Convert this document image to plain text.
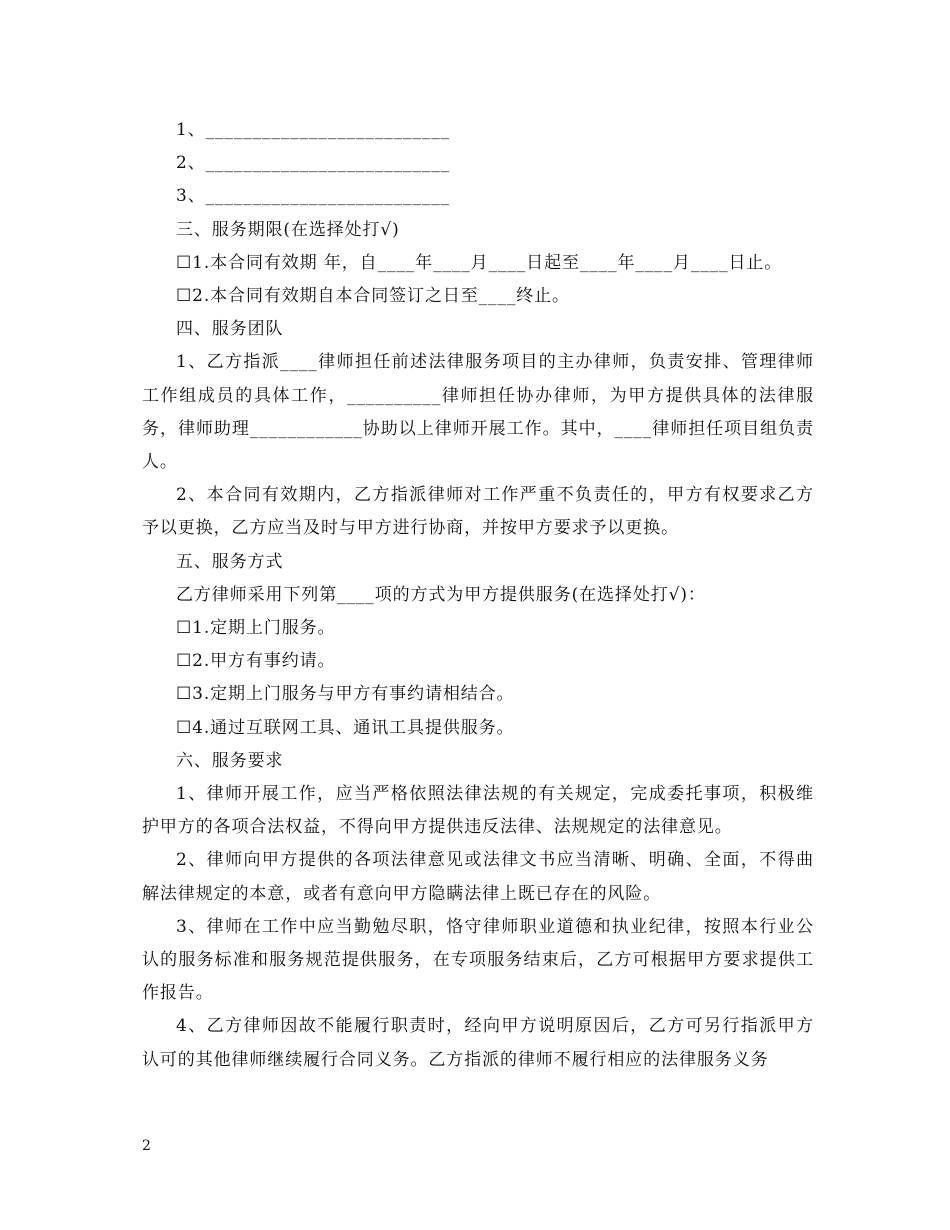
1、__________________________

2、__________________________

3、__________________________

三、服务期限(在选择处打√)

☐1.本合同有效期 年，自____年____月____日起至____年____月____日止。

☐2.本合同有效期自本合同签订之日至____终止。

四、服务团队

1、乙方指派____律师担任前述法律服务项目的主办律师，负责安排、管理律师工作组成员的具体工作，__________律师担任协办律师，为甲方提供具体的法律服务，律师助理____________协助以上律师开展工作。其中，____律师担任项目组负责人。

2、本合同有效期内，乙方指派律师对工作严重不负责任的，甲方有权要求乙方予以更换，乙方应当及时与甲方进行协商，并按甲方要求予以更换。

五、服务方式

乙方律师采用下列第____项的方式为甲方提供服务(在选择处打√)：

☐1.定期上门服务。

☐2.甲方有事约请。

☐3.定期上门服务与甲方有事约请相结合。

☐4.通过互联网工具、通讯工具提供服务。

六、服务要求

1、律师开展工作，应当严格依照法律法规的有关规定，完成委托事项，积极维护甲方的各项合法权益，不得向甲方提供违反法律、法规规定的法律意见。

2、律师向甲方提供的各项法律意见或法律文书应当清晰、明确、全面，不得曲解法律规定的本意，或者有意向甲方隐瞒法律上既已存在的风险。

3、律师在工作中应当勤勉尽职，恪守律师职业道德和执业纪律，按照本行业公认的服务标准和服务规范提供服务，在专项服务结束后，乙方可根据甲方要求提供工作报告。

4、乙方律师因故不能履行职责时，经向甲方说明原因后，乙方可另行指派甲方认可的其他律师继续履行合同义务。乙方指派的律师不履行相应的法律服务义务

2
